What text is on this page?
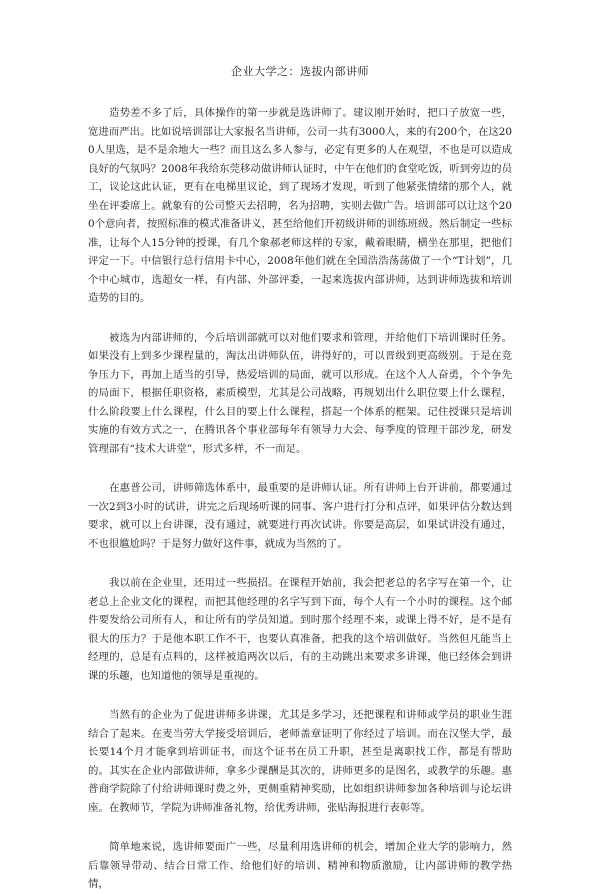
企业大学之：选拔内部讲师

造势差不多了后，具体操作的第一步就是选讲师了。建议刚开始时，把口子放宽一些，宽进而严出。比如说培训部让大家报名当讲师，公司一共有3000人，来的有200个，在这200人里选，是不是余地大一些？而且这么多人参与，必定有更多的人在观望，不也是可以造成良好的气氛吗？2008年我给东莞移动做讲师认证时，中午在他们的食堂吃饭，听到旁边的员工，议论这此认证，更有在电梯里议论，到了现场才发现，听到了他紧张情绪的那个人，就坐在评委席上。就象有的公司整天去招聘，名为招聘，实则去做广告。培训部可以让这个200个意向者，按照标准的模式准备讲义，甚至给他们开初级讲师的训练班级。然后制定一些标准，让每个人15分钟的授课，有几个象郝老师这样的专家，戴着眼睛，横坐在那里，把他们评定一下。中信银行总行信用卡中心，2008年他们就在全国浩浩荡荡做了一个“T计划”，几个中心城市，选超女一样，有内部、外部评委，一起来选拔内部讲师，达到讲师选拔和培训造势的目的。

被选为内部讲师的，今后培训部就可以对他们要求和管理，并给他们下培训课时任务。如果没有上到多少课程量的，淘汰出讲师队伍，讲得好的，可以晋级到更高级别。于是在竞争压力下，再加上适当的引导，热爱培训的局面，就可以形成。在这个人人奋勇，个个争先的局面下，根据任职资格，素质模型，尤其是公司战略，再规划出什么职位要上什么课程，什么阶段要上什么课程，什么目的要上什么课程，搭起一个体系的框架。记住授课只是培训实施的有效方式之一，在腾讯各个事业部每年有领导力大会、每季度的管理干部沙龙，研发管理部有“技术大讲堂”，形式多样，不一而足。

在惠普公司，讲师筛选体系中，最重要的是讲师认证。所有讲师上台开讲前，都要通过一次2到3小时的试讲，讲完之后现场听课的同事、客户进行打分和点评，如果评估分数达到要求，就可以上台讲课，没有通过，就要进行再次试讲。你要是高层，如果试讲没有通过，不也很尴尬吗？于是努力做好这件事，就成为当然的了。

我以前在企业里，还用过一些损招。在课程开始前，我会把老总的名字写在第一个，让老总上企业文化的课程，而把其他经理的名字写到下面，每个人有一个小时的课程。这个邮件要发给公司所有人，和让所有的学员知道。到时那个经理不来，或课上得不好，是不是有很大的压力？于是他本职工作不干，也要认真准备，把我的这个培训做好。当然但凡能当上经理的，总是有点料的，这样被追两次以后，有的主动跳出来要求多讲课，他已经体会到讲课的乐趣，也知道他的领导是重视的。

当然有的企业为了促进讲师多讲课，尤其是多学习，还把课程和讲师或学员的职业生涯结合了起来。在麦当劳大学接受培训后，老师盖章证明了你经过了培训。而在汉堡大学，最长要14个月才能拿到培训证书，而这个证书在员工升职，甚至是离职找工作，都是有帮助的。其实在企业内部做讲师，拿多少课酬是其次的，讲师更多的是图名，或教学的乐趣。惠普商学院除了付给讲师课时费之外，更侧重精神奖励，比如组织讲师参加各种培训与论坛讲座。在教师节，学院为讲师准备礼物，给优秀讲师，张贴海报进行表彰等。

简单地来说，选讲师要面广一些，尽量利用选讲师的机会，增加企业大学的影响力，然后靠领导带动、结合日常工作、给他们好的培训、精神和物质激励，让内部讲师的教学热情，
